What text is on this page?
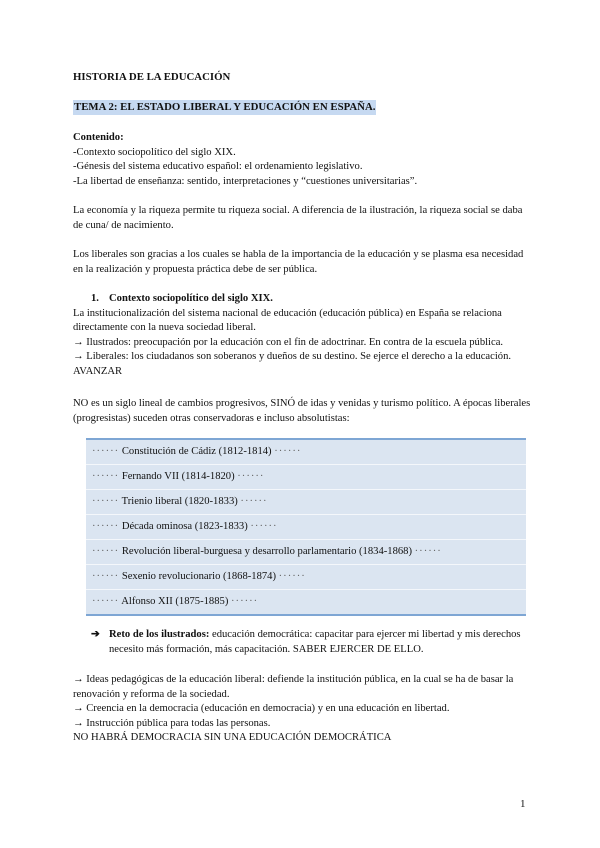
HISTORIA DE LA EDUCACIÓN

TEMA 2: EL ESTADO LIBERAL Y EDUCACIÓN EN ESPAÑA.

Contenido:

-Contexto sociopolítico del siglo XIX.

-Génesis del sistema educativo español: el ordenamiento legislativo.

-La libertad de enseñanza: sentido, interpretaciones y “cuestiones universitarias”.

La economía y la riqueza permite tu riqueza social. A diferencia de la ilustración, la riqueza social se daba de cuna/ de nacimiento.

Los liberales son gracias a los cuales se habla de la importancia de la educación y se plasma esa necesidad en la realización y propuesta práctica debe de ser pública.

1. Contexto sociopolítico del siglo XIX.

La institucionalización del sistema nacional de educación (educación pública) en España se relaciona directamente con la nueva sociedad liberal.

→ Ilustrados: preocupación por la educación con el fin de adoctrinar. En contra de la escuela pública.

→ Liberales: los ciudadanos son soberanos y dueños de su destino. Se ejerce el derecho a la educación. AVANZAR

NO es un siglo lineal de cambios progresivos, SINÓ de idas y venidas y turismo político. A épocas liberales (progresistas) suceden otras conservadoras e incluso absolutistas:

······ Constitución de Cádiz (1812-1814) ······
······ Fernando VII (1814-1820) ······
······ Trienio liberal (1820-1833) ······
······ Década ominosa (1823-1833) ······
······ Revolución liberal-burguesa y desarrollo parlamentario (1834-1868) ······
······ Sexenio revolucionario (1868-1874) ······
······ Alfonso XII (1875-1885) ······
➔ Reto de los ilustrados: educación democrática: capacitar para ejercer mi libertad y mis derechos necesito más formación, más capacitación. SABER EJERCER DE ELLO.

→ Ideas pedagógicas de la educación liberal: defiende la institución pública, en la cual se ha de basar la renovación y reforma de la sociedad.

→ Creencia en la democracia (educación en democracia) y en una educación en libertad.

→ Instrucción pública para todas las personas.

NO HABRÁ DEMOCRACIA SIN UNA EDUCACIÓN DEMOCRÁTICA

1
